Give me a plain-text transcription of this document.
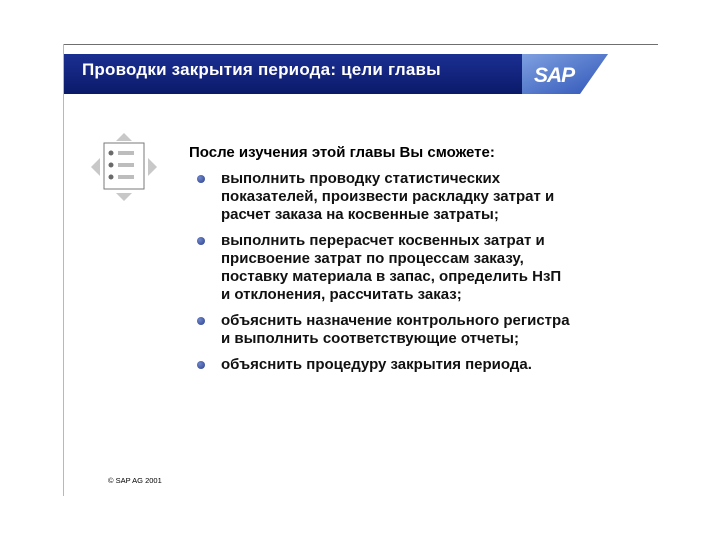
Проводки закрытия периода: цели главы	SAP
После изучения этой главы Вы сможете:
выполнить проводку статистических
показателей, произвести раскладку затрат и
расчет заказа на косвенные затраты;
выполнить перерасчет косвенных затрат и
присвоение затрат по процессам заказу,
поставку материала в запас, определить НзП
и отклонения, рассчитать заказ;
объяснить назначение контрольного регистра
и выполнить соответствующие отчеты;
объяснить процедуру закрытия периода.
© SAP AG 2001
